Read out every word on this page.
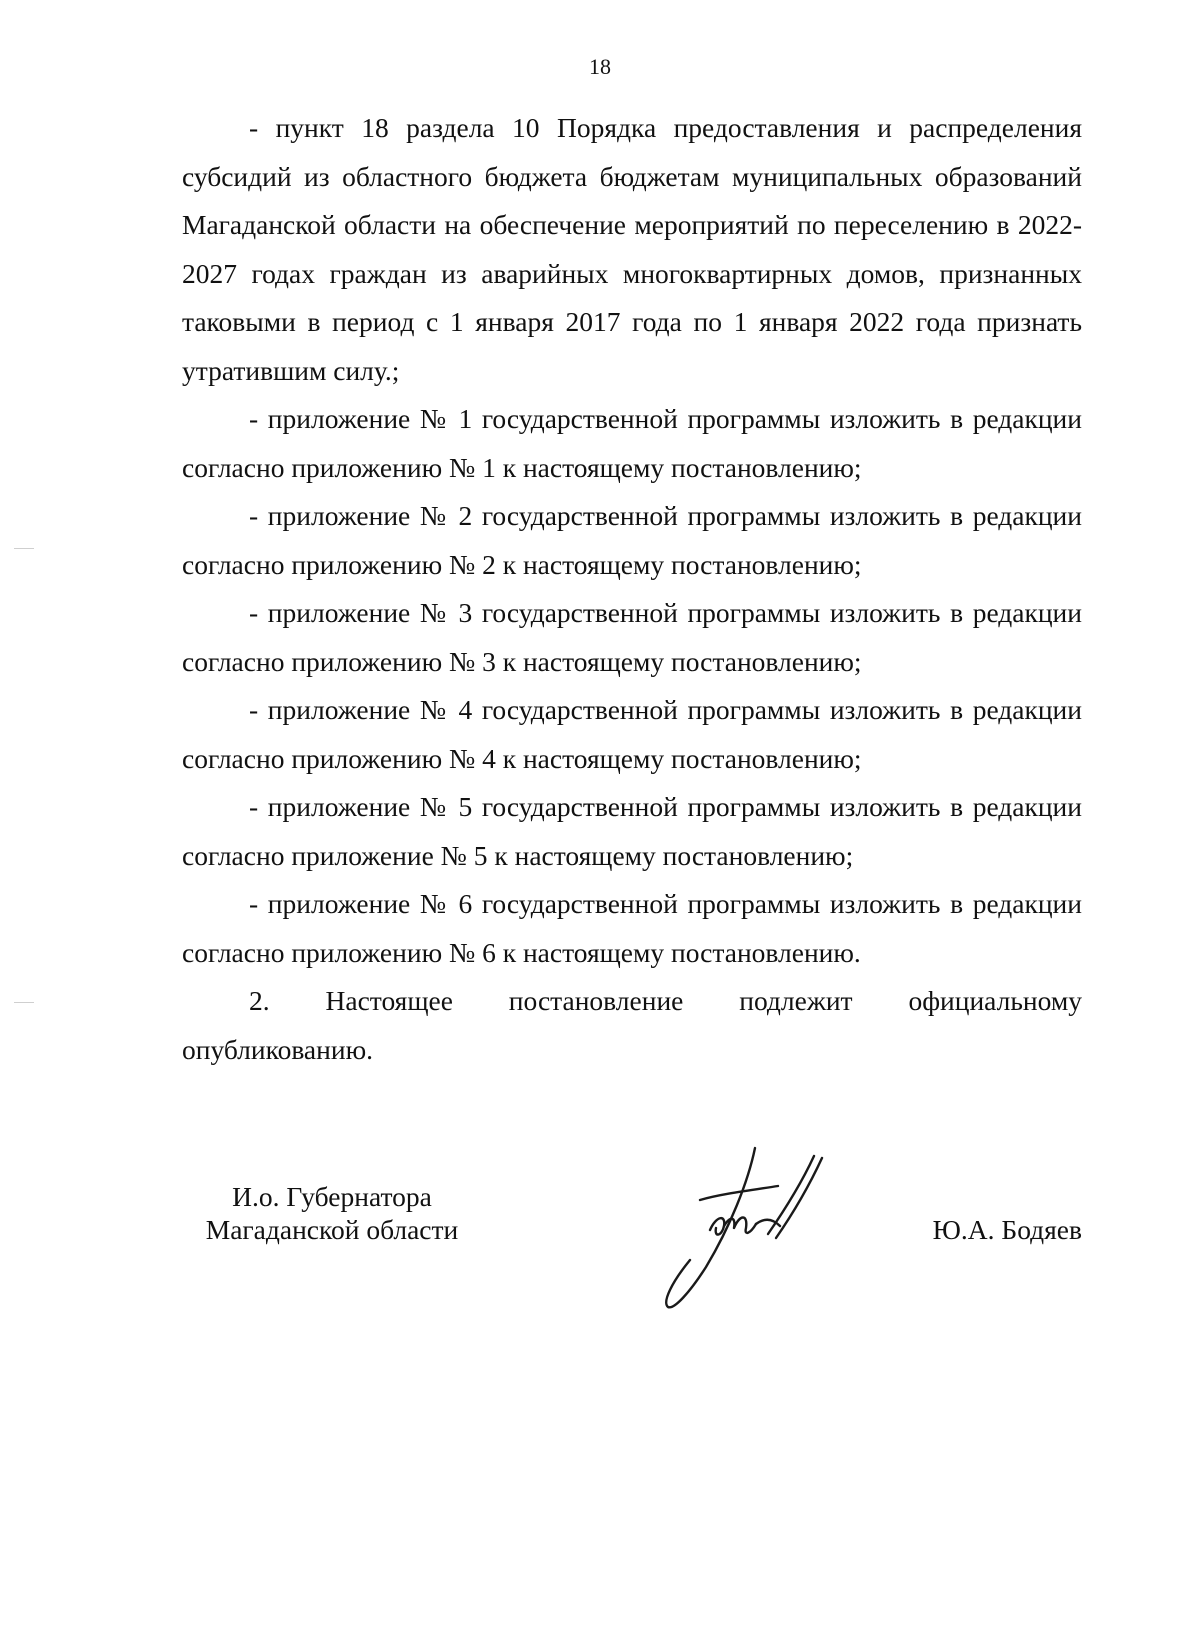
18

- пункт 18 раздела 10 Порядка предоставления и распределения субсидий из областного бюджета бюджетам муниципальных образований Магаданской области на обеспечение мероприятий по переселению в 2022-2027 годах граждан из аварийных многоквартирных домов, признанных таковыми в период с 1 января 2017 года по 1 января 2022 года признать утратившим силу.;

- приложение № 1 государственной программы изложить в редакции согласно приложению № 1 к настоящему постановлению;

- приложение № 2 государственной программы изложить в редакции согласно приложению № 2 к настоящему постановлению;

- приложение № 3 государственной программы изложить в редакции согласно приложению № 3 к настоящему постановлению;

- приложение № 4 государственной программы изложить в редакции согласно приложению № 4 к настоящему постановлению;

- приложение № 5 государственной программы изложить в редакции согласно приложение № 5 к настоящему постановлению;

- приложение № 6 государственной программы изложить в редакции согласно приложению № 6 к настоящему постановлению.

2. Настоящее постановление подлежит официальному опубликованию.

И.о. Губернатора
Магаданской области	Ю.А. Бодяев
